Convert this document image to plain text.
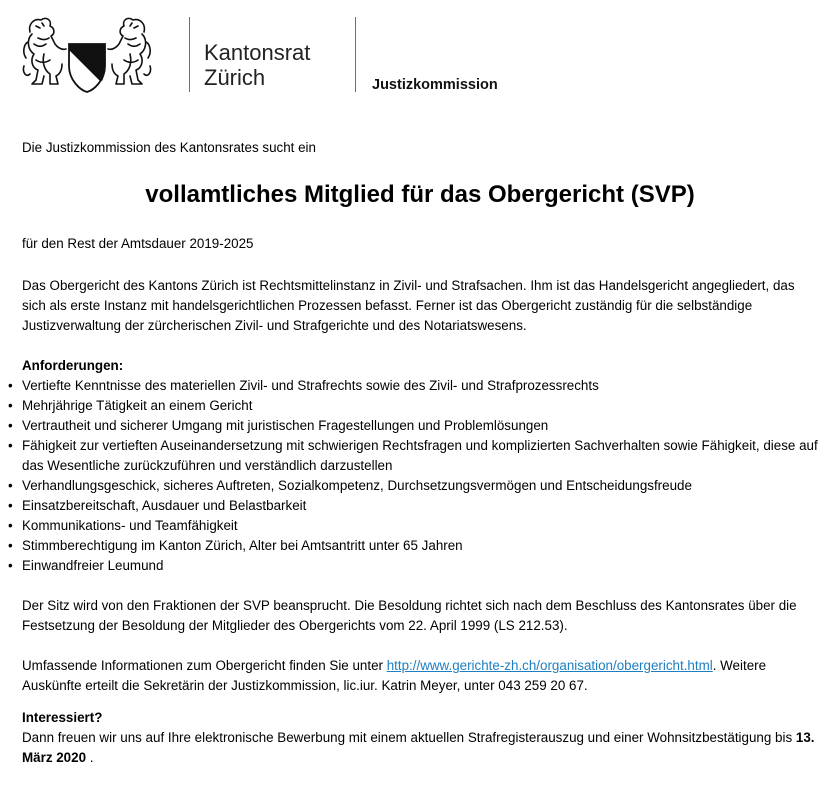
Kantonsrat
Zürich	Justizkommission

Die Justizkommission des Kantonsrates sucht ein

vollamtliches Mitglied für das Obergericht (SVP)

für den Rest der Amtsdauer 2019-2025

Das Obergericht des Kantons Zürich ist Rechtsmittelinstanz in Zivil- und Strafsachen. Ihm ist das Handelsgericht angegliedert, das sich als erste Instanz mit handelsgerichtlichen Prozessen befasst. Ferner ist das Obergericht zuständig für die selbständige Justizverwaltung der zürcherischen Zivil- und Strafgerichte und des Notariatswesens.

Anforderungen:

• Vertiefte Kenntnisse des materiellen Zivil- und Strafrechts sowie des Zivil- und Strafprozessrechts
• Mehrjährige Tätigkeit an einem Gericht
• Vertrautheit und sicherer Umgang mit juristischen Fragestellungen und Problemlösungen
• Fähigkeit zur vertieften Auseinandersetzung mit schwierigen Rechtsfragen und komplizierten Sachverhalten sowie Fähigkeit, diese auf das Wesentliche zurückzuführen und verständlich darzustellen
• Verhandlungsgeschick, sicheres Auftreten, Sozialkompetenz, Durchsetzungsvermögen und Entscheidungsfreude
• Einsatzbereitschaft, Ausdauer und Belastbarkeit
• Kommunikations- und Teamfähigkeit
• Stimmberechtigung im Kanton Zürich, Alter bei Amtsantritt unter 65 Jahren
• Einwandfreier Leumund

Der Sitz wird von den Fraktionen der SVP beansprucht. Die Besoldung richtet sich nach dem Beschluss des Kantonsrates über die Festsetzung der Besoldung der Mitglieder des Obergerichts vom 22. April 1999 (LS 212.53).

Umfassende Informationen zum Obergericht finden Sie unter http://www.gerichte-zh.ch/organisation/obergericht.html. Weitere Auskünfte erteilt die Sekretärin der Justizkommission, lic.iur. Katrin Meyer, unter 043 259 20 67.

Interessiert?

Dann freuen wir uns auf Ihre elektronische Bewerbung mit einem aktuellen Strafregisterauszug und einer Wohnsitzbestätigung bis 13. März 2020 .
